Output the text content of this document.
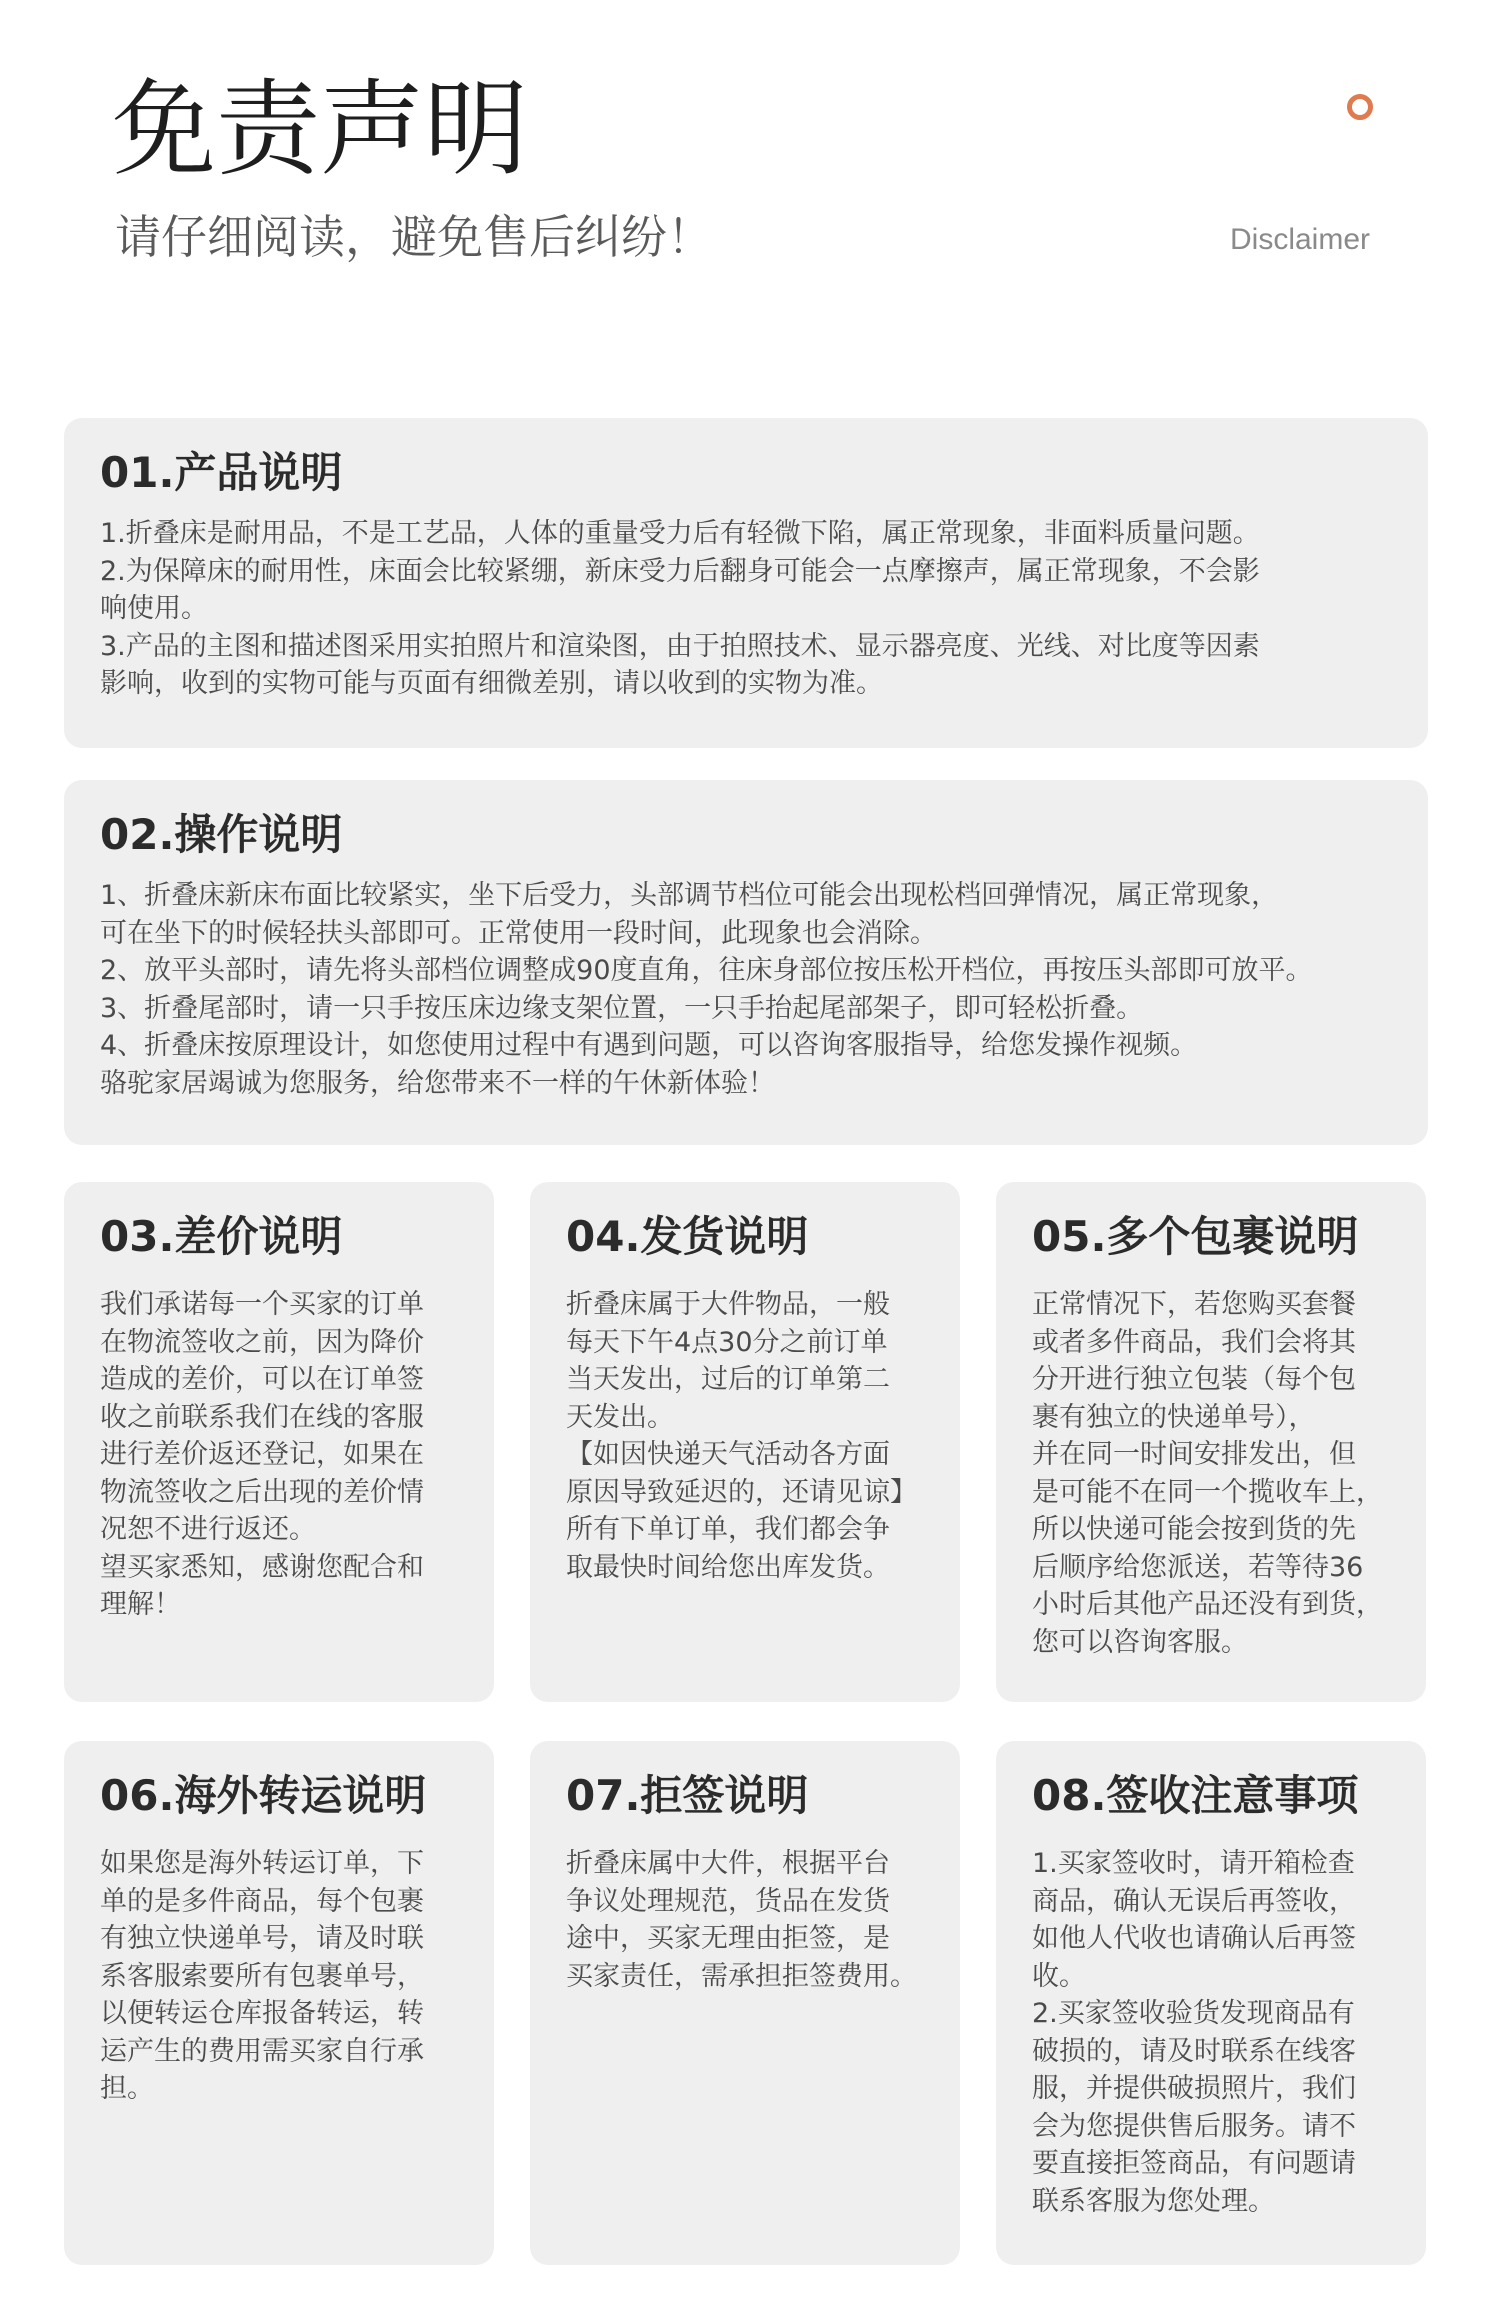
免责声明
请仔细阅读，避免售后纠纷！	Disclaimer
01.产品说明

1.折叠床是耐用品，不是工艺品，人体的重量受力后有轻微下陷，属正常现象，非面料质量问题。

2.为保障床的耐用性，床面会比较紧绷，新床受力后翻身可能会一点摩擦声，属正常现象，不会影

响使用。

3.产品的主图和描述图采用实拍照片和渲染图，由于拍照技术、显示器亮度、光线、对比度等因素

影响，收到的实物可能与页面有细微差别，请以收到的实物为准。

02.操作说明

1、折叠床新床布面比较紧实，坐下后受力，头部调节档位可能会出现松档回弹情况，属正常现象，

可在坐下的时候轻扶头部即可。正常使用一段时间，此现象也会消除。

2、放平头部时，请先将头部档位调整成90度直角，往床身部位按压松开档位，再按压头部即可放平。

3、折叠尾部时，请一只手按压床边缘支架位置，一只手抬起尾部架子，即可轻松折叠。

4、折叠床按原理设计，如您使用过程中有遇到问题，可以咨询客服指导，给您发操作视频。

骆驼家居竭诚为您服务，给您带来不一样的午休新体验！

03.差价说明

我们承诺每一个买家的订单

在物流签收之前，因为降价

造成的差价，可以在订单签

收之前联系我们在线的客服

进行差价返还登记，如果在

物流签收之后出现的差价情

况恕不进行返还。

望买家悉知，感谢您配合和

理解！

04.发货说明

折叠床属于大件物品，一般

每天下午4点30分之前订单

当天发出，过后的订单第二

天发出。

【如因快递天气活动各方面

原因导致延迟的，还请见谅】

所有下单订单，我们都会争

取最快时间给您出库发货。

05.多个包裹说明

正常情况下，若您购买套餐

或者多件商品，我们会将其

分开进行独立包装（每个包

裹有独立的快递单号），

并在同一时间安排发出，但

是可能不在同一个揽收车上，

所以快递可能会按到货的先

后顺序给您派送，若等待36

小时后其他产品还没有到货，

您可以咨询客服。

06.海外转运说明

如果您是海外转运订单，下

单的是多件商品，每个包裹

有独立快递单号，请及时联

系客服索要所有包裹单号，

以便转运仓库报备转运，转

运产生的费用需买家自行承

担。

07.拒签说明

折叠床属中大件，根据平台

争议处理规范，货品在发货

途中，买家无理由拒签，是

买家责任，需承担拒签费用。

08.签收注意事项

1.买家签收时，请开箱检查

商品，确认无误后再签收，

如他人代收也请确认后再签

收。

2.买家签收验货发现商品有

破损的，请及时联系在线客

服，并提供破损照片，我们

会为您提供售后服务。请不

要直接拒签商品，有问题请

联系客服为您处理。
